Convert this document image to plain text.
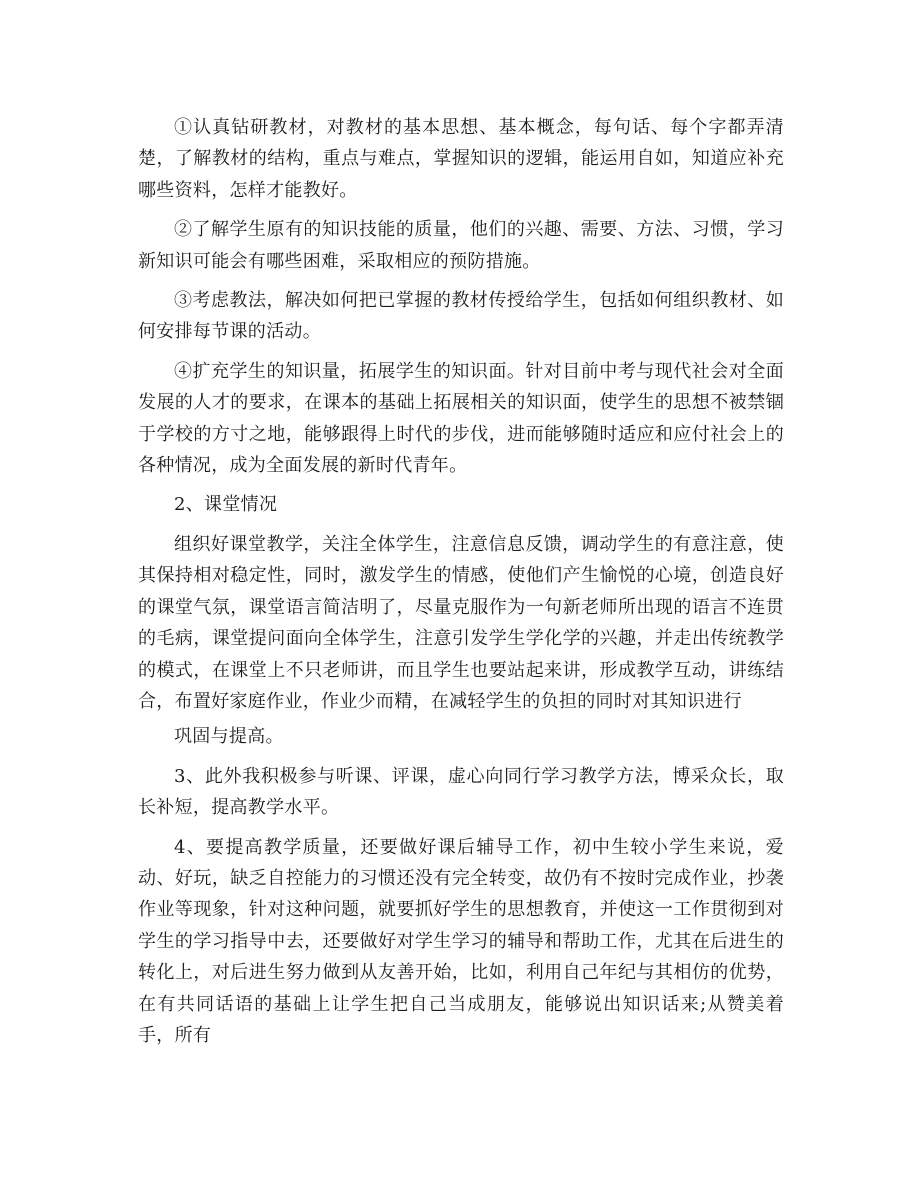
①认真钻研教材，对教材的基本思想、基本概念，每句话、每个字都弄清楚，了解教材的结构，重点与难点，掌握知识的逻辑，能运用自如，知道应补充哪些资料，怎样才能教好。

②了解学生原有的知识技能的质量，他们的兴趣、需要、方法、习惯，学习新知识可能会有哪些困难，采取相应的预防措施。

③考虑教法，解决如何把已掌握的教材传授给学生，包括如何组织教材、如何安排每节课的活动。

④扩充学生的知识量，拓展学生的知识面。针对目前中考与现代社会对全面发展的人才的要求，在课本的基础上拓展相关的知识面，使学生的思想不被禁锢于学校的方寸之地，能够跟得上时代的步伐，进而能够随时适应和应付社会上的各种情况，成为全面发展的新时代青年。

2、课堂情况

组织好课堂教学，关注全体学生，注意信息反馈，调动学生的有意注意，使其保持相对稳定性，同时，激发学生的情感，使他们产生愉悦的心境，创造良好的课堂气氛，课堂语言简洁明了，尽量克服作为一句新老师所出现的语言不连贯的毛病，课堂提问面向全体学生，注意引发学生学化学的兴趣，并走出传统教学的模式，在课堂上不只老师讲，而且学生也要站起来讲，形成教学互动，讲练结合，布置好家庭作业，作业少而精，在减轻学生的负担的同时对其知识进行

巩固与提高。

3、此外我积极参与听课、评课，虚心向同行学习教学方法，博采众长，取长补短，提高教学水平。

4、要提高教学质量，还要做好课后辅导工作，初中生较小学生来说，爱动、好玩，缺乏自控能力的习惯还没有完全转变，故仍有不按时完成作业，抄袭作业等现象，针对这种问题，就要抓好学生的思想教育，并使这一工作贯彻到对学生的学习指导中去，还要做好对学生学习的辅导和帮助工作，尤其在后进生的转化上，对后进生努力做到从友善开始，比如，利用自己年纪与其相仿的优势，在有共同话语的基础上让学生把自己当成朋友，能够说出知识话来;从赞美着手，所有
